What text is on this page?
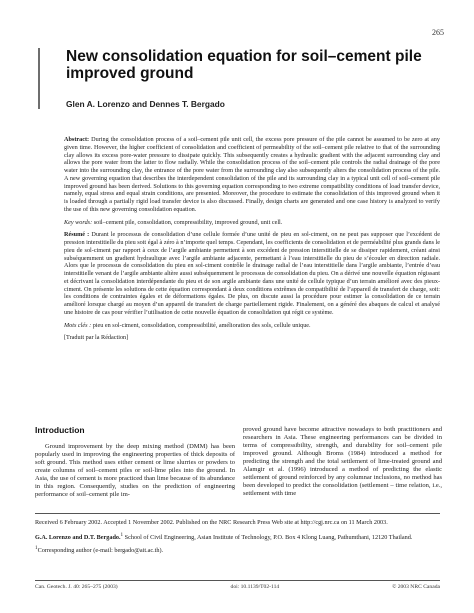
265
New consolidation equation for soil–cement pile improved ground
Glen A. Lorenzo and Dennes T. Bergado

Abstract: During the consolidation process of a soil–cement pile unit cell, the excess pore pressure of the pile cannot be assumed to be zero at any given time. However, the higher coefficient of consolidation and coefficient of permeability of the soil–cement pile relative to that of the surrounding clay allows its excess pore-water pressure to dissipate quickly. This subsequently creates a hydraulic gradient with the adjacent surrounding clay and allows the pore water from the latter to flow radially. While the consolidation process of the soil–cement pile controls the radial drainage of the pore water into the surrounding clay, the entrance of the pore water from the surrounding clay also subsequently alters the consolidation process of the pile. A new governing equation that describes the interdependent consolidation of the pile and its surrounding clay in a typical unit cell of soil–cement pile improved ground has been derived. Solutions to this governing equation corresponding to two extreme compatibility conditions of load transfer device, namely, equal stress and equal strain conditions, are presented. Moreover, the procedure to estimate the consolidation of this improved ground when it is loaded through a partially rigid load transfer device is also discussed. Finally, design charts are generated and one case history is analyzed to verify the use of this new governing consolidation equation.

Key words: soil–cement pile, consolidation, compressibility, improved ground, unit cell.

Résumé : Durant le processus de consolidation d’une cellule formée d’une unité de pieu en sol-ciment, on ne peut pas supposer que l’excédent de pression interstitielle du pieu soit égal à zéro à n’importe quel temps. Cependant, les coefficients de consolidation et de perméabilité plus grands dans le pieu de sol-ciment par rapport à ceux de l’argile ambiante permettent à son excédent de pression interstitielle de se dissiper rapidement, créant ainsi subséquemment un gradient hydraulique avec l’argile ambiante adjacente, permettant à l’eau interstitielle du pieu de s’écouler en direction radiale. Alors que le processus de consolidation du pieu en sol-ciment contrôle le drainage radial de l’eau interstitielle dans l’argile ambiante, l’entrée d’eau interstitielle venant de l’argile ambiante altère aussi subséquemment le processus de consolidation du pieu. On a dérivé une nouvelle équation régissant et décrivant la consolidation interdépendante du pieu et de son argile ambiante dans une unité de cellule typique d’un terrain amélioré avec des pieux-ciment. On présente les solutions de cette équation correspondant à deux conditions extrêmes de compatibilité de l’appareil de transfert de charge, soit: les conditions de contraintes égales et de déformations égales. De plus, on discute aussi la procédure pour estimer la consolidation de ce terrain amélioré lorsque chargé au moyen d’un appareil de transfert de charge partiellement rigide. Finalement, on a généré des abaques de calcul et analysé une histoire de cas pour vérifier l’utilisation de cette nouvelle équation de consolidation qui régit ce système.

Mots clés : pieu en sol-ciment, consolidation, compressibilité, amélioration des sols, cellule unique.

[Traduit par la Rédaction]

Introduction

Ground improvement by the deep mixing method (DMM) has been popularly used in improving the engineering properties of thick deposits of soft ground. This method uses either cement or lime slurries or powders to create columns of soil–cement piles or soil-lime piles into the ground. In Asia, the use of cement is more practiced than lime because of its abundance in this region. Consequently, studies on the prediction of engineering performance of soil–cement pile im-

proved ground have become attractive nowadays to both practitioners and researchers in Asia. These engineering performances can be divided in terms of compressibility, strength, and durability for soil–cement pile improved ground. Although Broms (1984) introduced a method for predicting the strength and the total settlement of lime-treated ground and Alamgir et al. (1996) introduced a method of predicting the elastic settlement of ground reinforced by any columnar inclusions, no method has been developed to predict the consolidation (settlement – time relation, i.e., settlement with time

Received 6 February 2002. Accepted 1 November 2002. Published on the NRC Research Press Web site at http://cgj.nrc.ca on 11 March 2003.

G.A. Lorenzo and D.T. Bergado.$^1$ School of Civil Engineering, Asian Institute of Technology, P.O. Box 4 Klong Luang, Pathumthani, 12120 Thailand.

$^1$Corresponding author (e-mail: bergado@ait.ac.th).

Can. Geotech. J. 40: 265–275 (2003)	doi: 10.1139/T02-114	© 2003 NRC Canada
